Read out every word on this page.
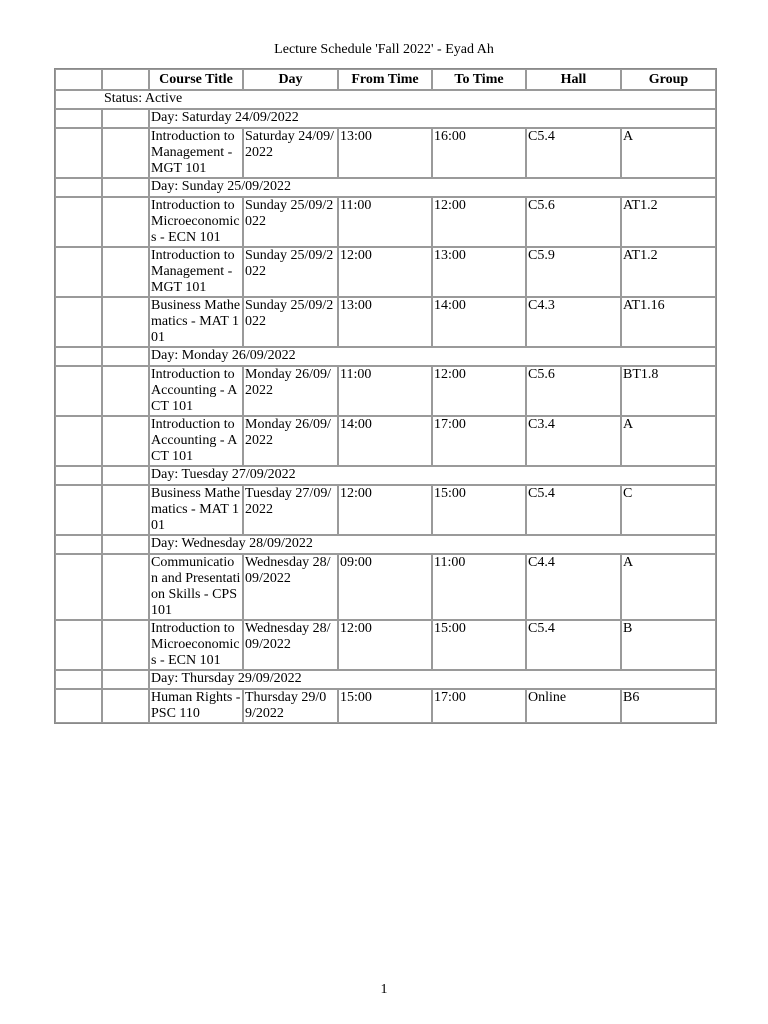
Lecture Schedule 'Fall 2022' - Eyad Ah
		Course Title	Day	From Time	To Time	Hall	Group
Status: Active							
		Day: Saturday 24/09/2022					
		Introduction to Management - MGT 101	Saturday 24/09/2022	13:00	16:00	C5.4	A
		Day: Sunday 25/09/2022					
		Introduction to Microeconomics - ECN 101	Sunday 25/09/2022	11:00	12:00	C5.6	AT1.2
		Introduction to Management - MGT 101	Sunday 25/09/2022	12:00	13:00	C5.9	AT1.2
		Business Mathematics - MAT 101	Sunday 25/09/2022	13:00	14:00	C4.3	AT1.16
		Day: Monday 26/09/2022					
		Introduction to Accounting - ACT 101	Monday 26/09/2022	11:00	12:00	C5.6	BT1.8
		Introduction to Accounting - ACT 101	Monday 26/09/2022	14:00	17:00	C3.4	A
		Day: Tuesday 27/09/2022					
		Business Mathematics - MAT 101	Tuesday 27/09/2022	12:00	15:00	C5.4	C
		Day: Wednesday 28/09/2022					
		Communication and Presentation Skills - CPS 101	Wednesday 28/09/2022	09:00	11:00	C4.4	A
		Introduction to Microeconomics - ECN 101	Wednesday 28/09/2022	12:00	15:00	C5.4	B
		Day: Thursday 29/09/2022					
		Human Rights - PSC 110	Thursday 29/09/2022	15:00	17:00	Online	B6
1
